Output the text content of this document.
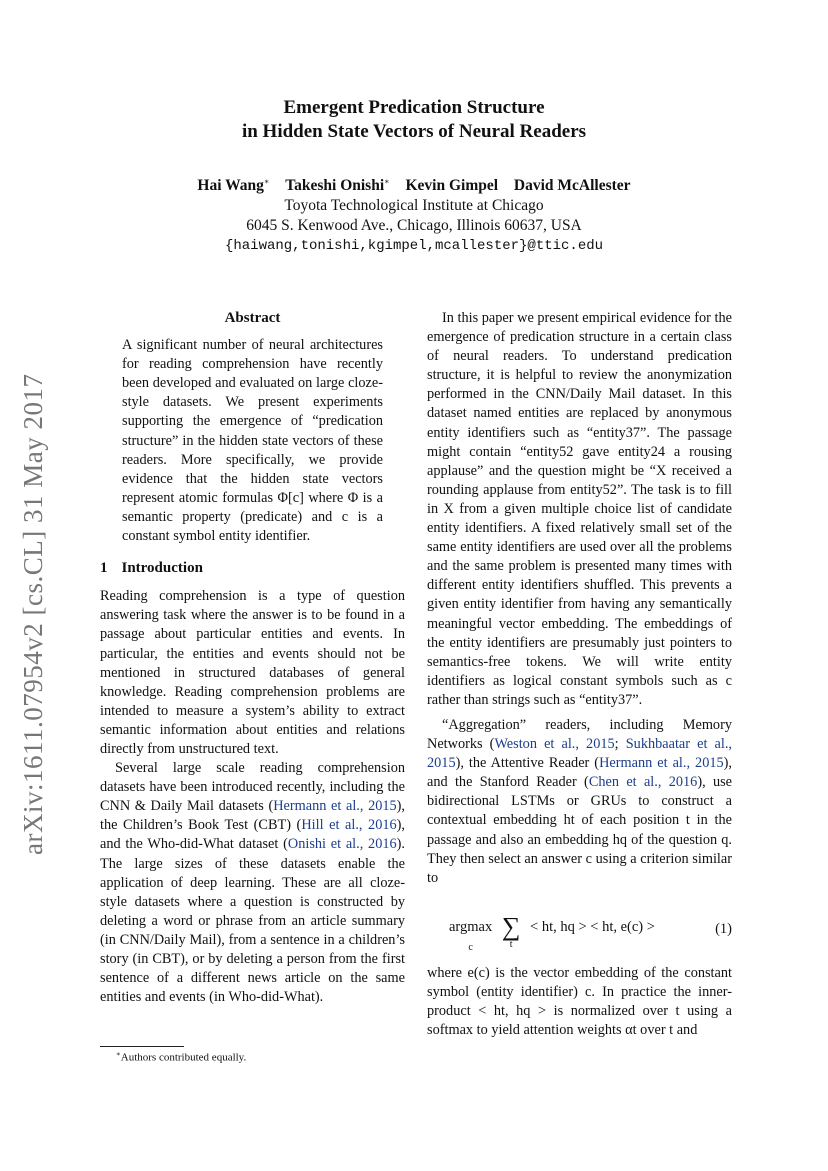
arXiv:1611.07954v2 [cs.CL] 31 May 2017
Emergent Predication Structure
in Hidden State Vectors of Neural Readers
Hai Wang∗ Takeshi Onishi∗ Kevin Gimpel David McAllester
Toyota Technological Institute at Chicago
6045 S. Kenwood Ave., Chicago, Illinois 60637, USA
{haiwang,tonishi,kgimpel,mcallester}@ttic.edu
Abstract

A significant number of neural architectures for reading comprehension have recently been developed and evaluated on large cloze-style datasets. We present experiments supporting the emergence of “predication structure” in the hidden state vectors of these readers. More specifically, we provide evidence that the hidden state vectors represent atomic formulas Φ[c] where Φ is a semantic property (predicate) and c is a constant symbol entity identifier.

1 Introduction

Reading comprehension is a type of question answering task where the answer is to be found in a passage about particular entities and events. In particular, the entities and events should not be mentioned in structured databases of general knowledge. Reading comprehension problems are intended to measure a system’s ability to extract semantic information about entities and relations directly from unstructured text.

Several large scale reading comprehension datasets have been introduced recently, including the CNN & Daily Mail datasets (Hermann et al., 2015), the Children’s Book Test (CBT) (Hill et al., 2016), and the Who-did-What dataset (Onishi et al., 2016). The large sizes of these datasets enable the application of deep learning. These are all cloze-style datasets where a question is constructed by deleting a word or phrase from an article summary (in CNN/Daily Mail), from a sentence in a children’s story (in CBT), or by deleting a person from the first sentence of a different news article on the same entities and events (in Who-did-What).

In this paper we present empirical evidence for the emergence of predication structure in a certain class of neural readers. To understand predication structure, it is helpful to review the anonymization performed in the CNN/Daily Mail dataset. In this dataset named entities are replaced by anonymous entity identifiers such as “entity37”. The passage might contain “entity52 gave entity24 a rousing applause” and the question might be “X received a rounding applause from entity52”. The task is to fill in X from a given multiple choice list of candidate entity identifiers. A fixed relatively small set of the same entity identifiers are used over all the problems and the same problem is presented many times with different entity identifiers shuffled. This prevents a given entity identifier from having any semantically meaningful vector embedding. The embeddings of the entity identifiers are presumably just pointers to semantics-free tokens. We will write entity identifiers as logical constant symbols such as c rather than strings such as “entity37”.

“Aggregation” readers, including Memory Networks (Weston et al., 2015; Sukhbaatar et al., 2015), the Attentive Reader (Hermann et al., 2015), and the Stanford Reader (Chen et al., 2016), use bidirectional LSTMs or GRUs to construct a contextual embedding ht of each position t in the passage and also an embedding hq of the question q. They then select an answer c using a criterion similar to

argmax
c ∑
t < ht, hq > < ht, e(c) >	(1)

where e(c) is the vector embedding of the constant symbol (entity identifier) c. In practice the inner-product < ht, hq > is normalized over t using a softmax to yield attention weights αt over t and

∗Authors contributed equally.
